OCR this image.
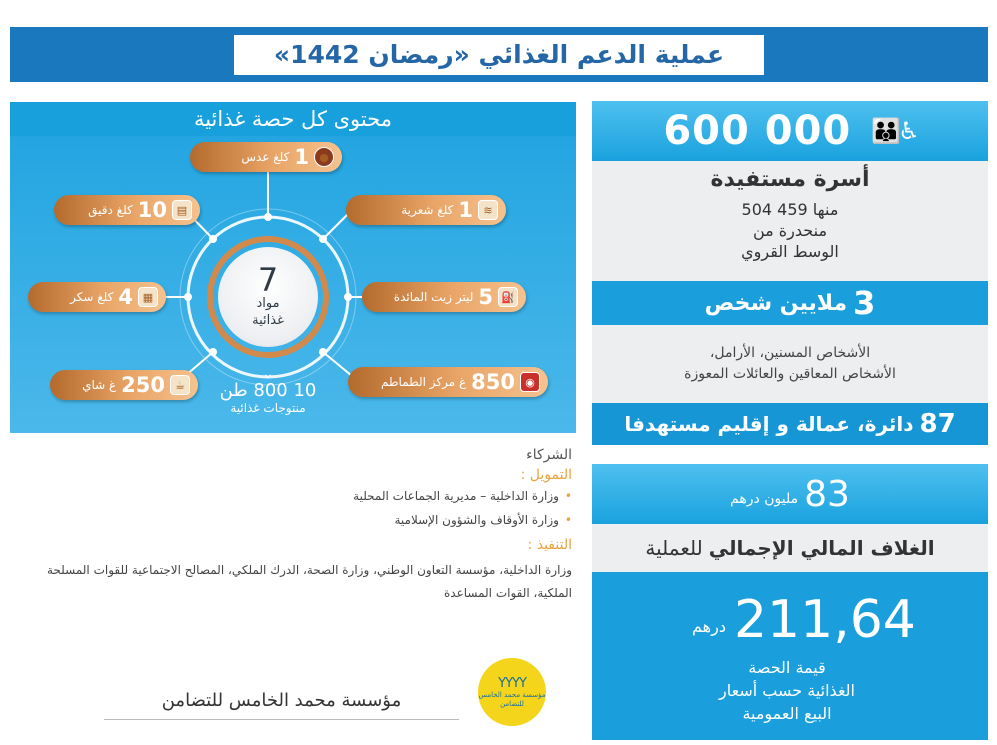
عملية الدعم الغذائي «رمضان 1442»
محتوى كل حصة غذائية
كلغ عدس 1 ●
كلغ دقيق 10 ▤	كلغ شعرية 1 ≋
كلغ سكر 4 ▦	ليتر زيت المائدة 5 ⛽
غ شاي 250 ☕	غ مركز الطماطم 850 ◉
7
مواد
غذائية
⌄
10 800 طن
منتوجات غذائية
الشركاء
التمويل :
• وزارة الداخلية – مديرية الجماعات المحلية
• وزارة الأوقاف والشؤون الإسلامية
التنفيذ :
وزارة الداخلية، مؤسسة التعاون الوطني، وزارة الصحة، الدرك الملكي، المصالح الاجتماعية للقوات المسلحة الملكية، القوات المساعدة
مؤسسة محمد الخامس للتضامن
YYYY
مؤسسة محمد الخامس للتضامن
600 000 👪♿
أسرة مستفيدة
منها 459 504
منحدرة من
الوسط القروي
3
ملايين شخص
الأشخاص المسنين، الأرامل،
الأشخاص المعاقين والعائلات المعوزة
87
دائرة، عمالة و إقليم مستهدفا
83
مليون درهم
الغلاف المالي الإجمالي
للعملية
درهم 211,64
قيمة الحصة
الغذائية حسب أسعار
البيع العمومية
